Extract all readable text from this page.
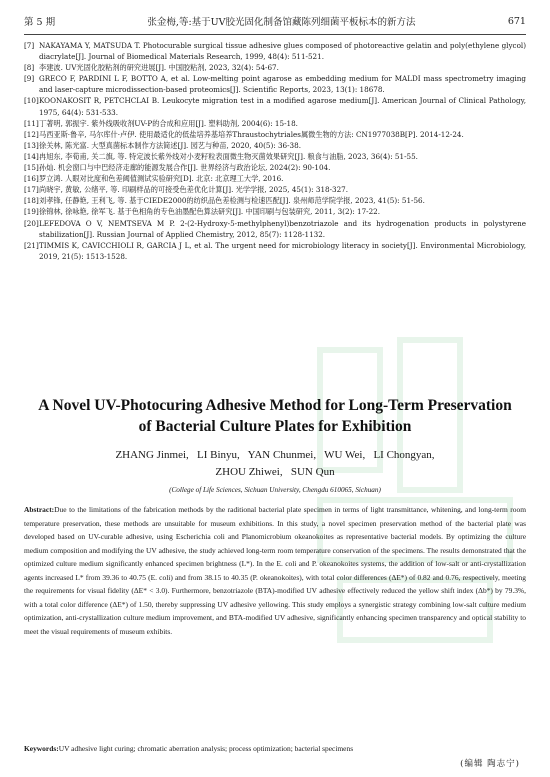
第 5 期	张金梅,等:基于UV胶光固化制备馆藏陈列细菌平板标本的新方法	671
[7] NAKAYAMA Y, MATSUDA T. Photocurable surgical tissue adhesive glues composed of photoreactive gelatin and poly(ethylene glycol) diacrylate[J]. Journal of Biomedical Materials Research, 1999, 48(4): 511-521.
[8] 李建波. UV光固化胶粘剂的研究进展[J]. 中国胶粘剂, 2023, 32(4): 54-67.
[9] GRECO F, PARDINI L F, BOTTO A, et al. Low-melting point agarose as embedding medium for MALDI mass spectrometry imaging and laser-capture microdissection-based proteomics[J]. Scientific Reports, 2023, 13(1): 18678.
[10] KOONAKOSIT R, PETCHCLAI B. Leukocyte migration test in a modified agarose medium[J]. American Journal of Clinical Pathology, 1975, 64(4): 531-533.
[11] 丁著明, 郭振宇. 紫外线吸收剂UV-P的合成和应用[J]. 塑料助剂, 2004(6): 15-18.
[12] 马西亚斯·鲁辛, 马尔库什·卢伊. 使用最适化的低盐培养基培养Thraustochytriales属微生物的方法: CN1977038B[P]. 2014-12-24.
[13] 徐关林, 陈光富. 大型真菌标本制作方法简述[J]. 园艺与种苗, 2020, 40(5): 36-38.
[14] 冉旭东, 李荀甫, 关二旗, 等. 特定波长紫外线对小麦籽粒表面微生物灭菌效果研究[J]. 粮食与油脂, 2023, 36(4): 51-55.
[15] 孙灿. 机会窗口与中巴经济走廊的能源发展合作[J]. 世界经济与政治论坛, 2024(2): 90-104.
[16] 罗立鸿. 人眼对比度和色差阈值测试实验研究[D]. 北京: 北京理工大学, 2016.
[17] 尚晓宇, 黄敏, 公绪平, 等. 印刷样品的可接受色差优化计算[J]. 光学学报, 2025, 45(1): 318-327.
[18] 刘孝锋, 任静艳, 王利飞, 等. 基于CIEDE2000的纺织品色差检测与检速匹配[J]. 泉州师范学院学报, 2023, 41(5): 51-56.
[19] 徐锦林, 徐咏艳, 徐军飞. 基于色相角的专色油墨配色算法研究[J]. 中国印刷与包装研究, 2011, 3(2): 17-22.
[20] LEFEDOVA O V, NEMTSEVA M P. 2-(2-Hydroxy-5-methylphenyl)benzotriazole and its hydrogenation products in polystyrene stabilization[J]. Russian Journal of Applied Chemistry, 2012, 85(7): 1128-1132.
[21] TIMMIS K, CAVICCHIOLI R, GARCIA J L, et al. The urgent need for microbiology literacy in society[J]. Environmental Microbiology, 2019, 21(5): 1513-1528.
A Novel UV-Photocuring Adhesive Method for Long-Term Preservation
of Bacterial Culture Plates for Exhibition
ZHANG Jinmei,   LI Binyu,   YAN Chunmei,   WU Wei,   LI Chongyan,
ZHOU Zhiwei,   SUN Qun
(College of Life Sciences, Sichuan University, Chengdu 610065, Sichuan)
Abstract:Due to the limitations of the fabrication methods by the raditional bacterial plate specimen in terms of light transmittance, whitening, and long-term room temperature preservation, these methods are unsuitable for museum exhibitions. In this study, a novel specimen preservation method of the bacterial plate was developed based on UV-curable adhesive, using Escherichia coli and Planomicrobium okeanokoites as representative bacterial models. By optimizing the culture medium composition and modifying the UV adhesive, the study achieved long-term room temperature conservation of the specimens. The results demonstrated that the optimized culture medium significantly enhanced specimen brightness (L*). In the E. coli and P. okeanokoites systems, the addition of low-salt or anti-crystallization agents increased L* from 39.36 to 40.75 (E. coli) and from 38.15 to 40.35 (P. okeanokoites), with total color differences (ΔE*) of 0.82 and 0.76, respectively, meeting the requirements for visual fidelity (ΔE* < 3.0). Furthermore, benzotriazole (BTA)-modified UV adhesive effectively reduced the yellow shift index (Δb*) by 79.3%, with a total color difference (ΔE*) of 1.50, thereby suppressing UV adhesive yellowing. This study employs a synergistic strategy combining low-salt culture medium optimization, anti-crystallization culture medium improvement, and BTA-modified UV adhesive, significantly enhancing specimen transparency and optical stability to meet the visual requirements of museum exhibits.
Keywords:UV adhesive light curing; chromatic aberration analysis; process optimization; bacterial specimens
(编辑 陶志宁)
